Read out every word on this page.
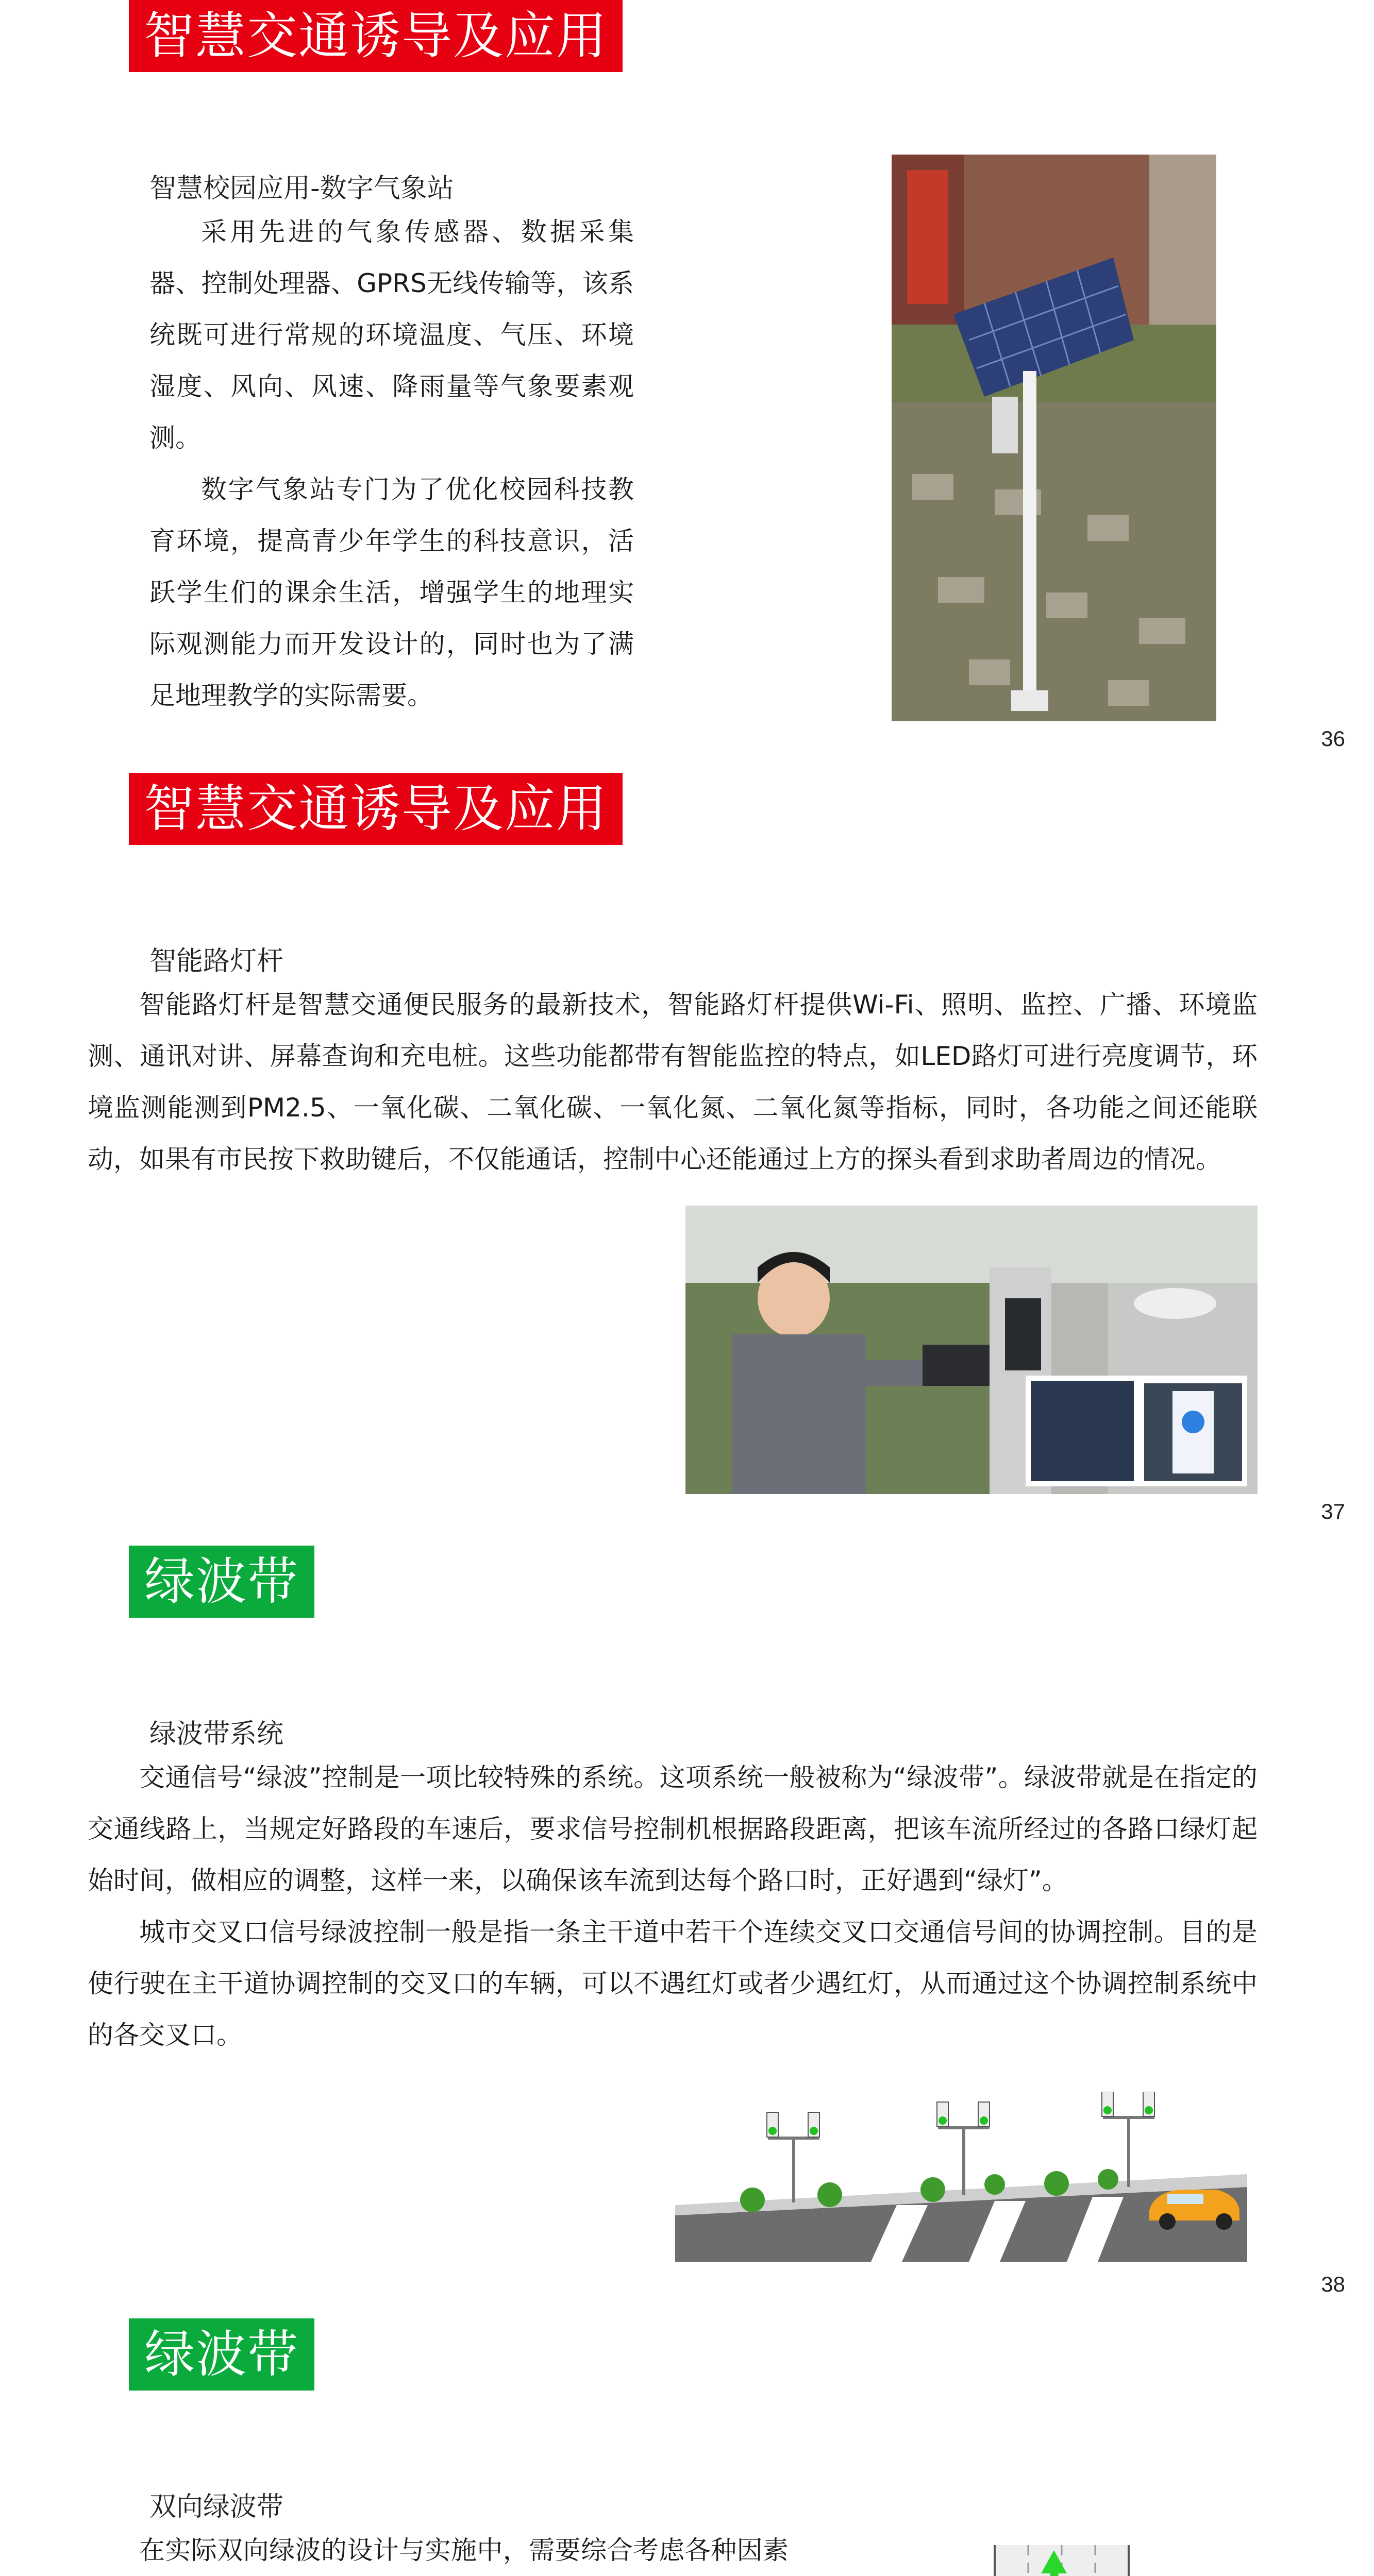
智慧交通诱导及应用
智慧校园应用-数字气象站

采用先进的气象传感器、数据采集器、控制处理器、GPRS无线传输等，该系统既可进行常规的环境温度、气压、环境湿度、风向、风速、降雨量等气象要素观测。

数字气象站专门为了优化校园科技教育环境，提高青少年学生的科技意识，活跃学生们的课余生活，增强学生的地理实际观测能力而开发设计的，同时也为了满足地理教学的实际需要。

36
智慧交通诱导及应用
智能路灯杆

智能路灯杆是智慧交通便民服务的最新技术，智能路灯杆提供Wi-Fi、照明、监控、广播、环境监测、通讯对讲、屏幕查询和充电桩。这些功能都带有智能监控的特点，如LED路灯可进行亮度调节，环境监测能测到PM2.5、一氧化碳、二氧化碳、一氧化氮、二氧化氮等指标，同时，各功能之间还能联动，如果有市民按下救助键后，不仅能通话，控制中心还能通过上方的探头看到求助者周边的情况。

37
绿波带
绿波带系统

交通信号“绿波”控制是一项比较特殊的系统。这项系统一般被称为“绿波带”。绿波带就是在指定的交通线路上，当规定好路段的车速后，要求信号控制机根据路段距离，把该车流所经过的各路口绿灯起始时间，做相应的调整，这样一来，以确保该车流到达每个路口时，正好遇到“绿灯”。

城市交叉口信号绿波控制一般是指一条主干道中若干个连续交叉口交通信号间的协调控制。目的是使行驶在主干道协调控制的交叉口的车辆，可以不遇红灯或者少遇红灯，从而通过这个协调控制系统中的各交叉口。

38
绿波带
双向绿波带

在实际双向绿波的设计与实施中，需要综合考虑各种因素
